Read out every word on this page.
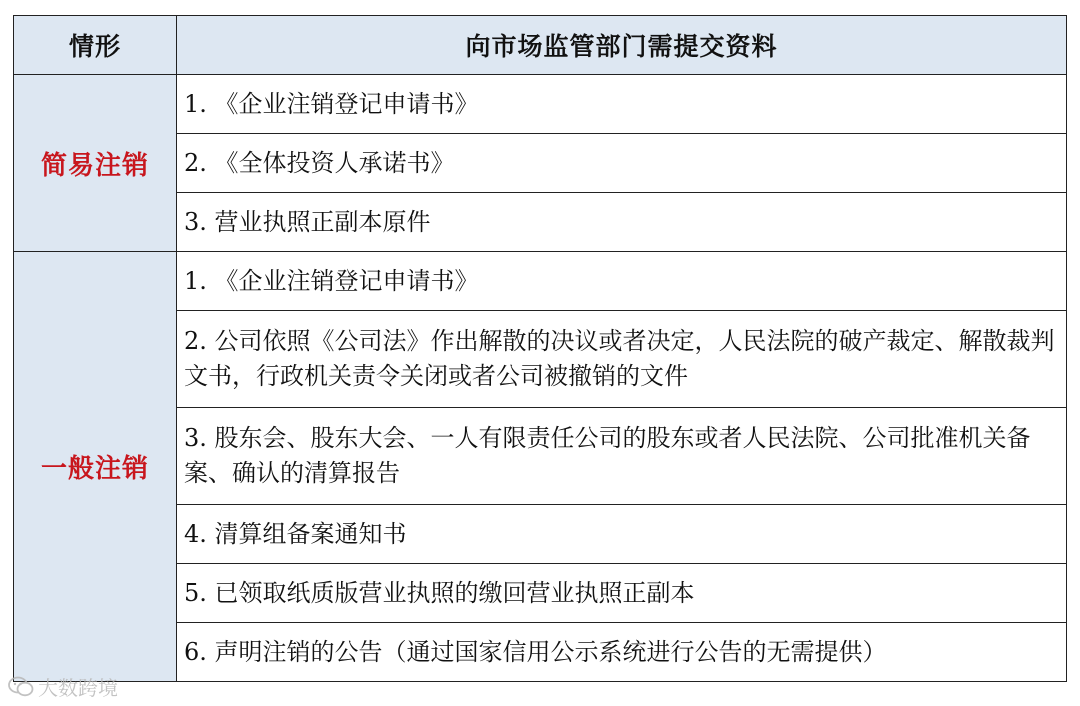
情形	向市场监管部门需提交资料
简易注销	1. 《企业注销登记申请书》
	2. 《全体投资人承诺书》
	3. 营业执照正副本原件
一般注销	1. 《企业注销登记申请书》
	2. 公司依照《公司法》作出解散的决议或者决定，人民法院的破产裁定、解散裁判文书，行政机关责令关闭或者公司被撤销的文件
	3. 股东会、股东大会、一人有限责任公司的股东或者人民法院、公司批准机关备案、确认的清算报告
	4. 清算组备案通知书
	5. 已领取纸质版营业执照的缴回营业执照正副本
	6. 声明注销的公告（通过国家信用公示系统进行公告的无需提供）
大数跨境
